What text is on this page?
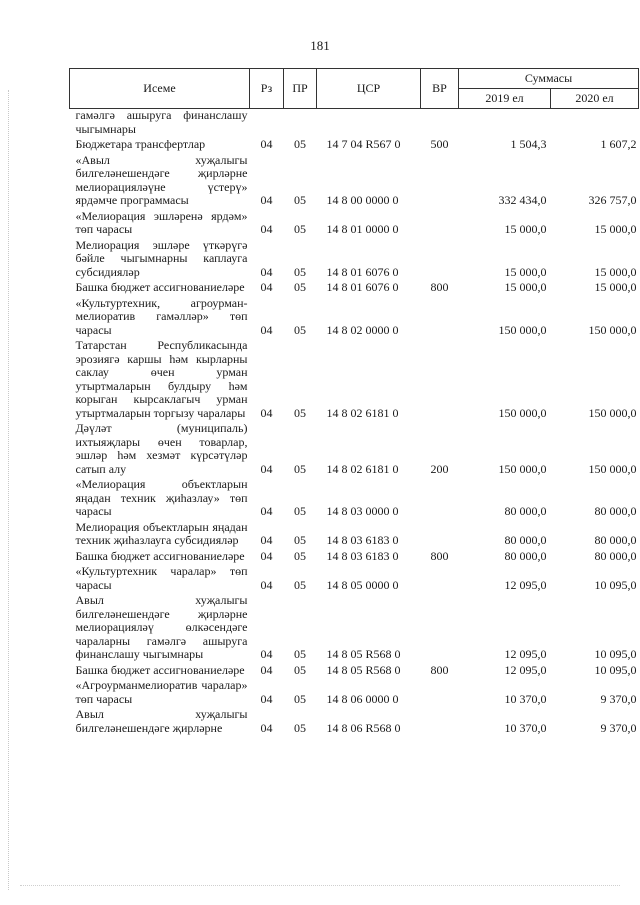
181
Исеме	Рз	ПР	ЦСР	ВР	Суммасы	
					2019 ел	2020 ел
гамәлгә ашыруга финанслашу чыгымнары						
Бюджетара трансфертлар	04	05	14 7 04 R567 0	500	1 504,3	1 607,2
«Авыл хуҗалыгы билгеләнешендәге җирләрне мелиорацияләүне үстерү» ярдәмче программасы	04	05	14 8 00 0000 0		332 434,0	326 757,0
«Мелиорация эшләренә ярдәм» төп чарасы	04	05	14 8 01 0000 0		15 000,0	15 000,0
Мелиорация эшләре үткәрүгә бәйле чыгымнарны каплауга субсидияләр	04	05	14 8 01 6076 0		15 000,0	15 000,0
Башка бюджет ассигнованиеләре	04	05	14 8 01 6076 0	800	15 000,0	15 000,0
«Культуртехник, агроурман-мелиоратив гамәлләр» төп чарасы	04	05	14 8 02 0000 0		150 000,0	150 000,0
Татарстан Республикасында эрозиягә каршы һәм кырларны саклау өчен урман утыртмаларын булдыру һәм корыган кырсаклагыч урман утыртмаларын торгызу чаралары	04	05	14 8 02 6181 0		150 000,0	150 000,0
Дәүләт (муниципаль) ихтыяҗлары өчен товарлар, эшләр һәм хезмәт күрсәтүләр сатып алу	04	05	14 8 02 6181 0	200	150 000,0	150 000,0
«Мелиорация объектларын яңадан техник җиһазлау» төп чарасы	04	05	14 8 03 0000 0		80 000,0	80 000,0
Мелиорация объектларын яңадан техник җиһазлауга субсидияләр	04	05	14 8 03 6183 0		80 000,0	80 000,0
Башка бюджет ассигнованиеләре	04	05	14 8 03 6183 0	800	80 000,0	80 000,0
«Культуртехник чаралар» төп чарасы	04	05	14 8 05 0000 0		12 095,0	10 095,0
Авыл хуҗалыгы билгеләнешендәге җирләрне мелиорацияләү өлкәсендәге чараларны гамәлгә ашыруга финанслашу чыгымнары	04	05	14 8 05 R568 0		12 095,0	10 095,0
Башка бюджет ассигнованиеләре	04	05	14 8 05 R568 0	800	12 095,0	10 095,0
«Агроурманмелиоратив чаралар» төп чарасы	04	05	14 8 06 0000 0		10 370,0	9 370,0
Авыл хуҗалыгы билгеләнешендәге җирләрне	04	05	14 8 06 R568 0		10 370,0	9 370,0
